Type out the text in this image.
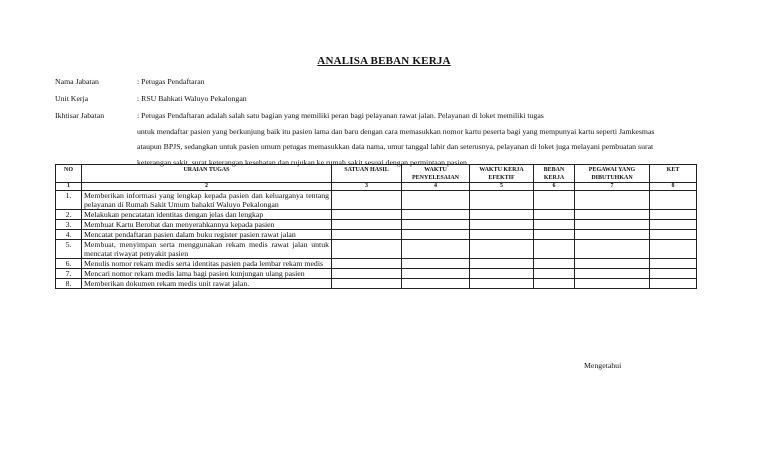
ANALISA BEBAN KERJA
Nama Jabatan	: Petugas Pendaftaran
Unit Kerja	: RSU Bahkati Waluyo Pekalongan
Ikhtisar Jabatan	: Petugas Pendaftaran adalah salah satu bagian yang memiliki peran bagi pelayanan rawat jalan. Pelayanan di loket memiliki tugas
untuk mendaftar pasien yang berkunjung baik itu pasien lama dan baru dengan cara memasukkan nomor kartu peserta bagi yang mempunyai kartu seperti Jamkesmas
ataupun BPJS, sedangkan untuk pasien umum petugas memasukkan data nama, umur tanggal lahir dan seterusnya, pelayanan di loket juga melayani pembuatan surat
keterangan sakit, surat keterangan kesehatan dan rujukan ke rumah sakit sesuai dengan permintaan pasien.
NO	URAIAN TUGAS	SATUAN HASIL	WAKTU PENYELESAIAN	WAKTU KERJA EFEKTIF	BEBAN KERJA	PEGAWAI YANG DIBUTUHKAN	KET
1	2	3	4	5	6	7	8
1.	Memberikan informasi yang lengkap kepada pasien dan keluarganya tentang pelayanan di Rumah Sakit Umum bahakti Waluyo Pekalongan						
2.	Melakukan pencatatan identitas dengan jelas dan lengkap						
3.	Membuat Kartu Berobat dan menyerahkannya kepada pasien						
4.	Mencatat pendaftaran pasien dalam buku register pasien rawat jalan						
5.	Membuat, menyimpan serta menggunakan rekam medis rawat jalan untuk mencatat riwayat penyakit pasien						
6.	Menulis nomor rekam medis serta identitas pasien pada lembar rekam medis						
7.	Mencari nomor rekam medis lama bagi pasien kunjungan ulang pasien						
8.	Memberikan dokumen rekam medis unit rawat jalan.						
Mengetahui
